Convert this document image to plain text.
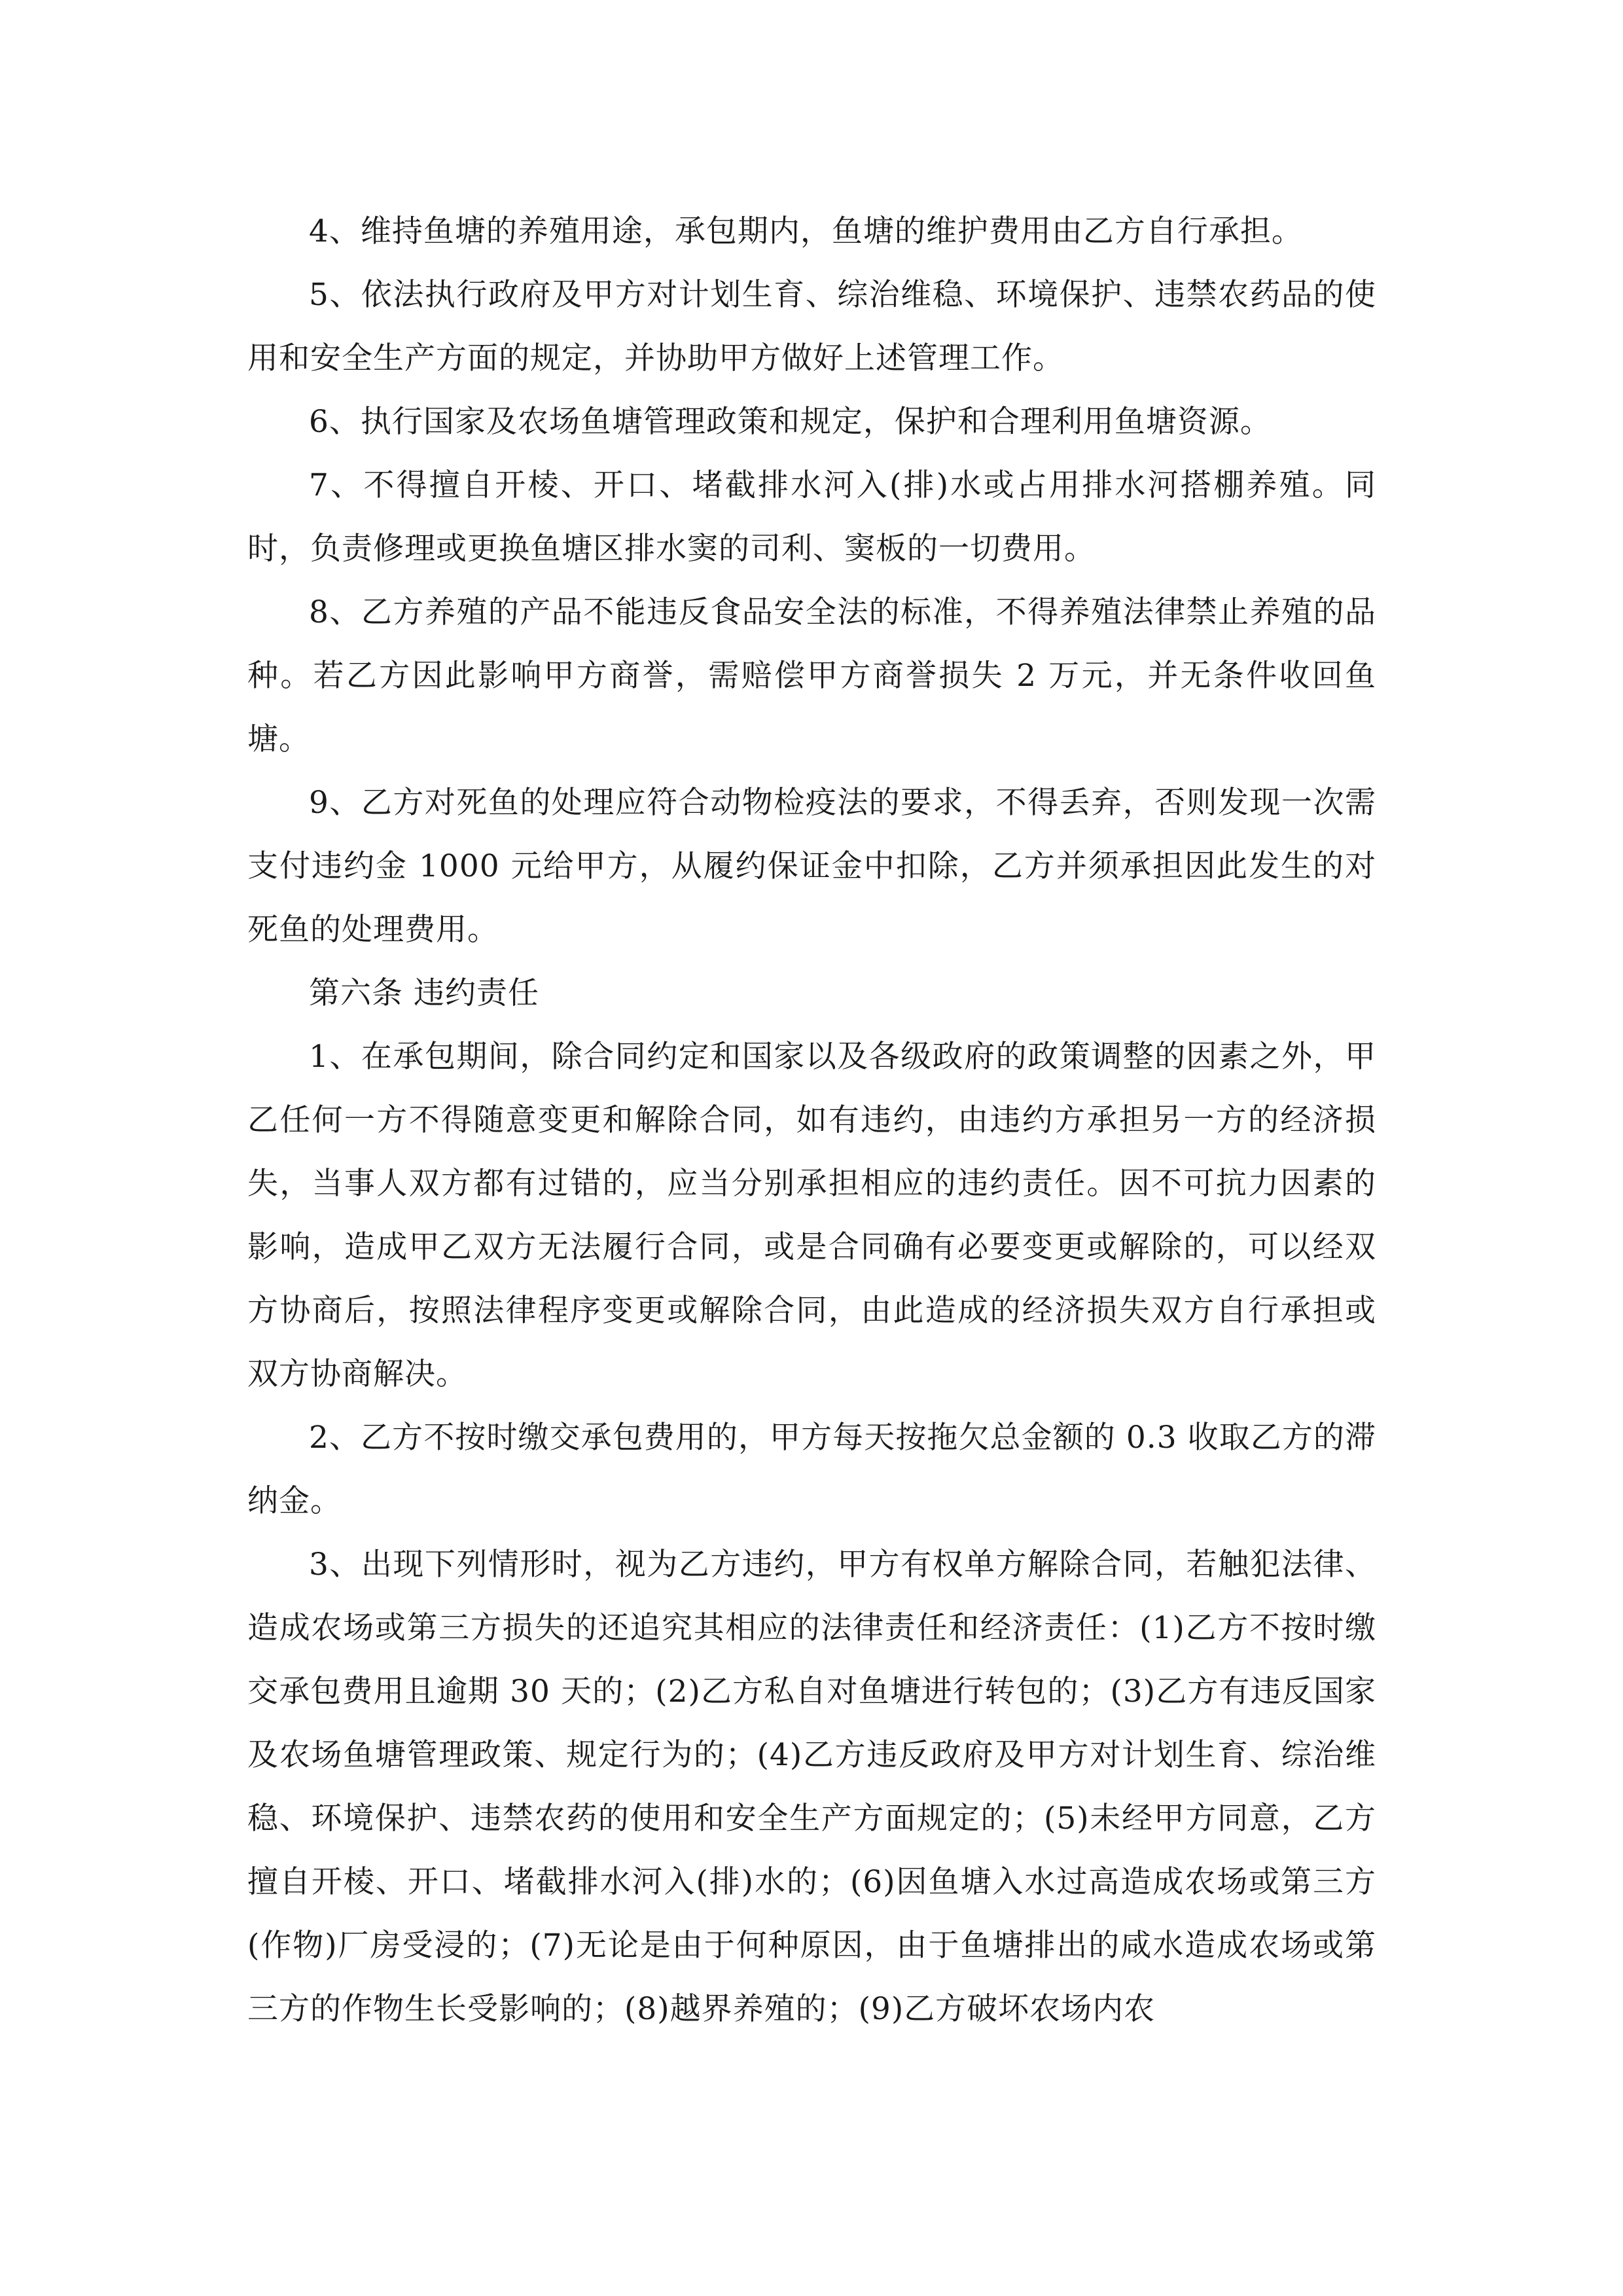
4、维持鱼塘的养殖用途，承包期内，鱼塘的维护费用由乙方自行承担。

5、依法执行政府及甲方对计划生育、综治维稳、环境保护、违禁农药品的使用和安全生产方面的规定，并协助甲方做好上述管理工作。

6、执行国家及农场鱼塘管理政策和规定，保护和合理利用鱼塘资源。

7、不得擅自开棱、开口、堵截排水河入(排)水或占用排水河搭棚养殖。同时，负责修理或更换鱼塘区排水窦的司利、窦板的一切费用。

8、乙方养殖的产品不能违反食品安全法的标准，不得养殖法律禁止养殖的品种。若乙方因此影响甲方商誉，需赔偿甲方商誉损失 2 万元，并无条件收回鱼塘。

9、乙方对死鱼的处理应符合动物检疫法的要求，不得丢弃，否则发现一次需支付违约金 1000 元给甲方，从履约保证金中扣除，乙方并须承担因此发生的对死鱼的处理费用。

第六条 违约责任

1、在承包期间，除合同约定和国家以及各级政府的政策调整的因素之外，甲乙任何一方不得随意变更和解除合同，如有违约，由违约方承担另一方的经济损失，当事人双方都有过错的，应当分别承担相应的违约责任。因不可抗力因素的影响，造成甲乙双方无法履行合同，或是合同确有必要变更或解除的，可以经双方协商后，按照法律程序变更或解除合同，由此造成的经济损失双方自行承担或双方协商解决。

2、乙方不按时缴交承包费用的，甲方每天按拖欠总金额的 0.3 收取乙方的滞纳金。

3、出现下列情形时，视为乙方违约，甲方有权单方解除合同，若触犯法律、造成农场或第三方损失的还追究其相应的法律责任和经济责任：(1)乙方不按时缴交承包费用且逾期 30 天的；(2)乙方私自对鱼塘进行转包的；(3)乙方有违反国家及农场鱼塘管理政策、规定行为的；(4)乙方违反政府及甲方对计划生育、综治维稳、环境保护、违禁农药的使用和安全生产方面规定的；(5)未经甲方同意，乙方擅自开棱、开口、堵截排水河入(排)水的；(6)因鱼塘入水过高造成农场或第三方(作物)厂房受浸的；(7)无论是由于何种原因，由于鱼塘排出的咸水造成农场或第三方的作物生长受影响的；(8)越界养殖的；(9)乙方破坏农场内农
